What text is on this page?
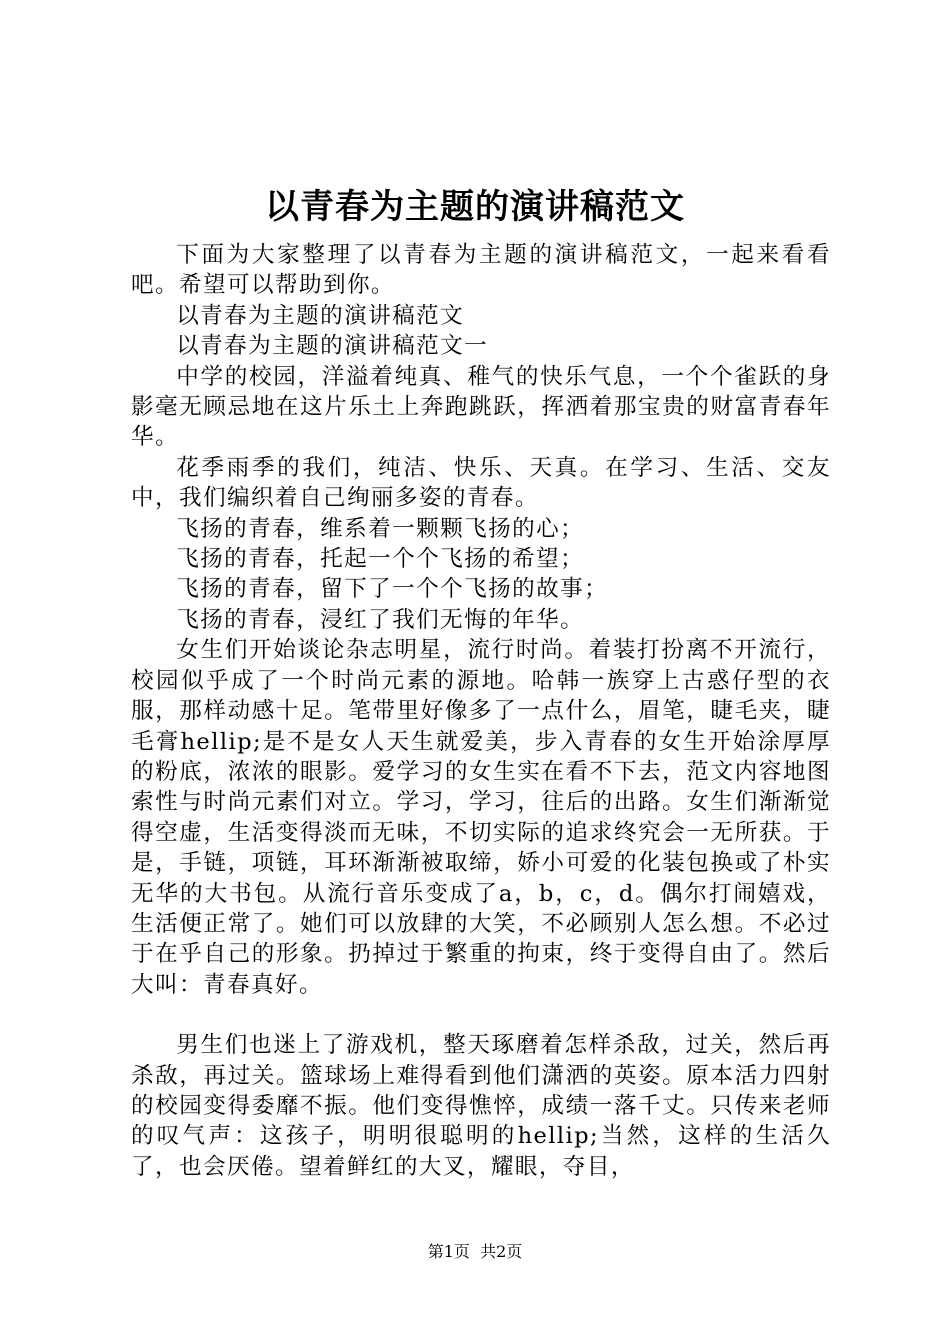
以青春为主题的演讲稿范文

下面为大家整理了以青春为主题的演讲稿范文，一起来看看吧。希望可以帮助到你。

以青春为主题的演讲稿范文

以青春为主题的演讲稿范文一

中学的校园，洋溢着纯真、稚气的快乐气息，一个个雀跃的身影毫无顾忌地在这片乐土上奔跑跳跃，挥洒着那宝贵的财富青春年华。

花季雨季的我们，纯洁、快乐、天真。在学习、生活、交友中，我们编织着自己绚丽多姿的青春。

飞扬的青春，维系着一颗颗飞扬的心；

飞扬的青春，托起一个个飞扬的希望；

飞扬的青春，留下了一个个飞扬的故事；

飞扬的青春，浸红了我们无悔的年华。

女生们开始谈论杂志明星，流行时尚。着装打扮离不开流行，校园似乎成了一个时尚元素的源地。哈韩一族穿上古惑仔型的衣服，那样动感十足。笔带里好像多了一点什么，眉笔，睫毛夹，睫毛膏hellip;是不是女人天生就爱美，步入青春的女生开始涂厚厚的粉底，浓浓的眼影。爱学习的女生实在看不下去，范文内容地图索性与时尚元素们对立。学习，学习，往后的出路。女生们渐渐觉得空虚，生活变得淡而无味，不切实际的追求终究会一无所获。于是，手链，项链，耳环渐渐被取缔，娇小可爱的化装包换或了朴实无华的大书包。从流行音乐变成了a，b，c，d。偶尔打闹嬉戏，生活便正常了。她们可以放肆的大笑，不必顾别人怎么想。不必过于在乎自己的形象。扔掉过于繁重的拘束，终于变得自由了。然后大叫：青春真好。

男生们也迷上了游戏机，整天琢磨着怎样杀敌，过关，然后再杀敌，再过关。篮球场上难得看到他们潇洒的英姿。原本活力四射的校园变得委靡不振。他们变得憔悴，成绩一落千丈。只传来老师的叹气声：这孩子，明明很聪明的hellip;当然，这样的生活久了，也会厌倦。望着鲜红的大叉，耀眼，夺目，

第1页 共2页
